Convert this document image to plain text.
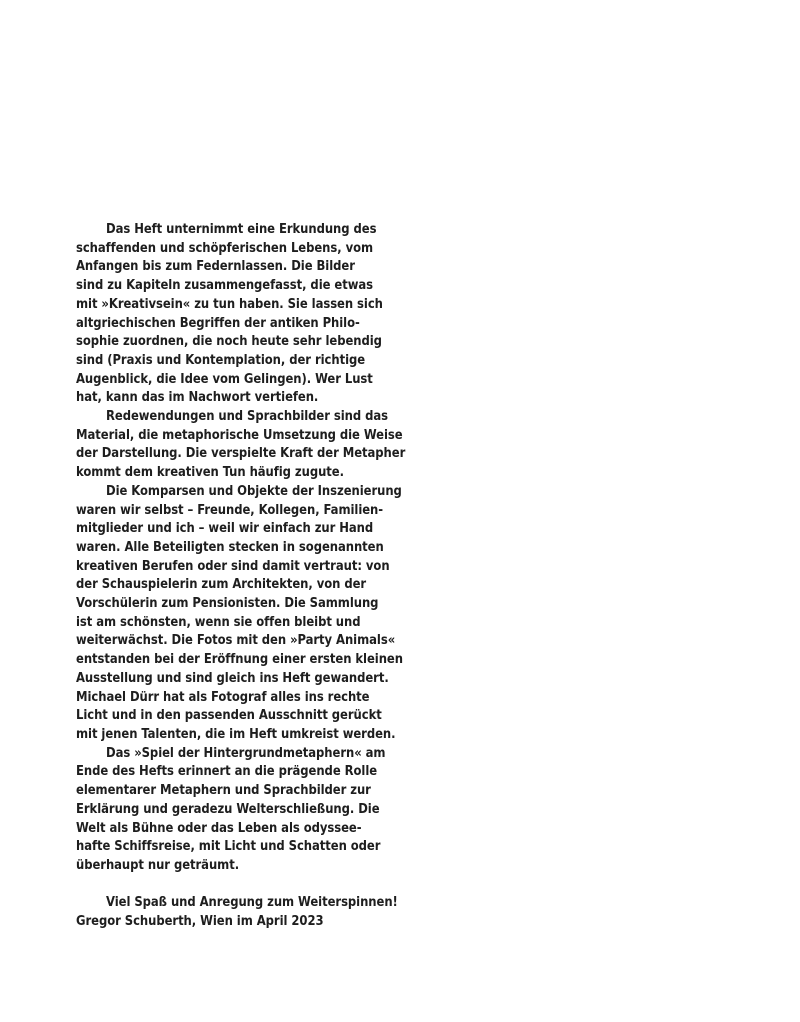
Das Heft unternimmt eine Erkundung des
schaffenden und schöpferischen Lebens, vom
Anfangen bis zum Federnlassen. Die Bilder
sind zu Kapiteln zusammengefasst, die etwas
mit »Kreativsein« zu tun haben. Sie lassen sich
altgriechischen Begriffen der antiken Philo-
sophie zuordnen, die noch heute sehr lebendig
sind (Praxis und Kontemplation, der richtige
Augenblick, die Idee vom Gelingen). Wer Lust
hat, kann das im Nachwort vertiefen.

Redewendungen und Sprachbilder sind das
Material, die metaphorische Umsetzung die Weise
der Darstellung. Die verspielte Kraft der Metapher
kommt dem kreativen Tun häufig zugute.

Die Komparsen und Objekte der Inszenierung
waren wir selbst – Freunde, Kollegen, Familien-
mitglieder und ich – weil wir einfach zur Hand
waren. Alle Beteiligten stecken in sogenannten
kreativen Berufen oder sind damit vertraut: von
der Schauspielerin zum Architekten, von der
Vorschülerin zum Pensionisten. Die Sammlung
ist am schönsten, wenn sie offen bleibt und
weiterwächst. Die Fotos mit den »Party Animals«
entstanden bei der Eröffnung einer ersten kleinen
Ausstellung und sind gleich ins Heft gewandert.
Michael Dürr hat als Fotograf alles ins rechte
Licht und in den passenden Ausschnitt gerückt
mit jenen Talenten, die im Heft umkreist werden.

Das »Spiel der Hintergrundmetaphern« am
Ende des Hefts erinnert an die prägende Rolle
elementarer Metaphern und Sprachbilder zur
Erklärung und geradezu Welterschließung. Die
Welt als Bühne oder das Leben als odyssee-
hafte Schiffsreise, mit Licht und Schatten oder
überhaupt nur geträumt.

Viel Spaß und Anregung zum Weiterspinnen!
Gregor Schuberth, Wien im April 2023
